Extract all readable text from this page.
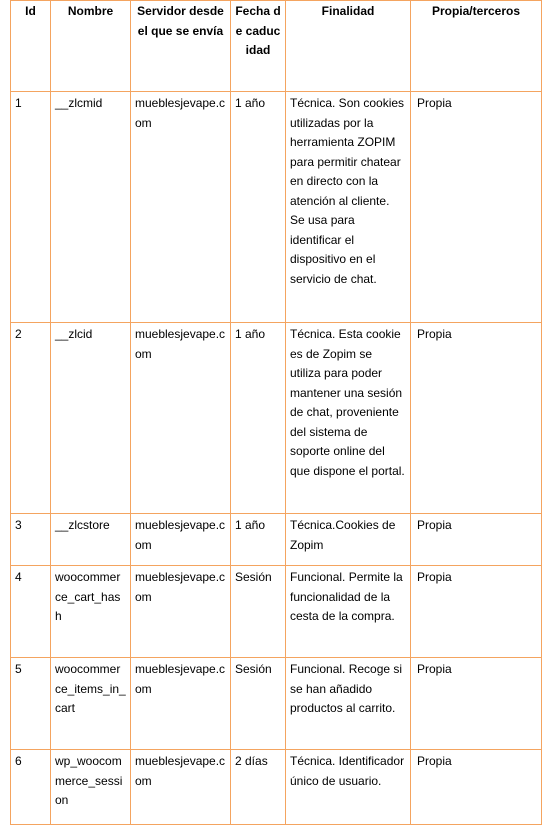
Id	Nombre	Servidor desde el que se envía	Fecha de caducidad	Finalidad	Propia/terceros
1	__zlcmid	mueblesjevape.com	1 año	Técnica. Son cookies utilizadas por la herramienta ZOPIM para permitir chatear en directo con la atención al cliente. Se usa para identificar el dispositivo en el servicio de chat.	Propia
2	__zlcid	mueblesjevape.com	1 año	Técnica. Esta cookie es de Zopim se utiliza para poder mantener una sesión de chat, proveniente del sistema de soporte online del que dispone el portal.	Propia
3	__zlcstore	mueblesjevape.com	1 año	Técnica.Cookies de Zopim	Propia
4	woocommerce_cart_hash	mueblesjevape.com	Sesión	Funcional. Permite la funcionalidad de la cesta de la compra.	Propia
5	woocommerce_items_in_cart	mueblesjevape.com	Sesión	Funcional. Recoge si se han añadido productos al carrito.	Propia
6	wp_woocommerce_session	mueblesjevape.com	2 días	Técnica. Identificador único de usuario.	Propia
